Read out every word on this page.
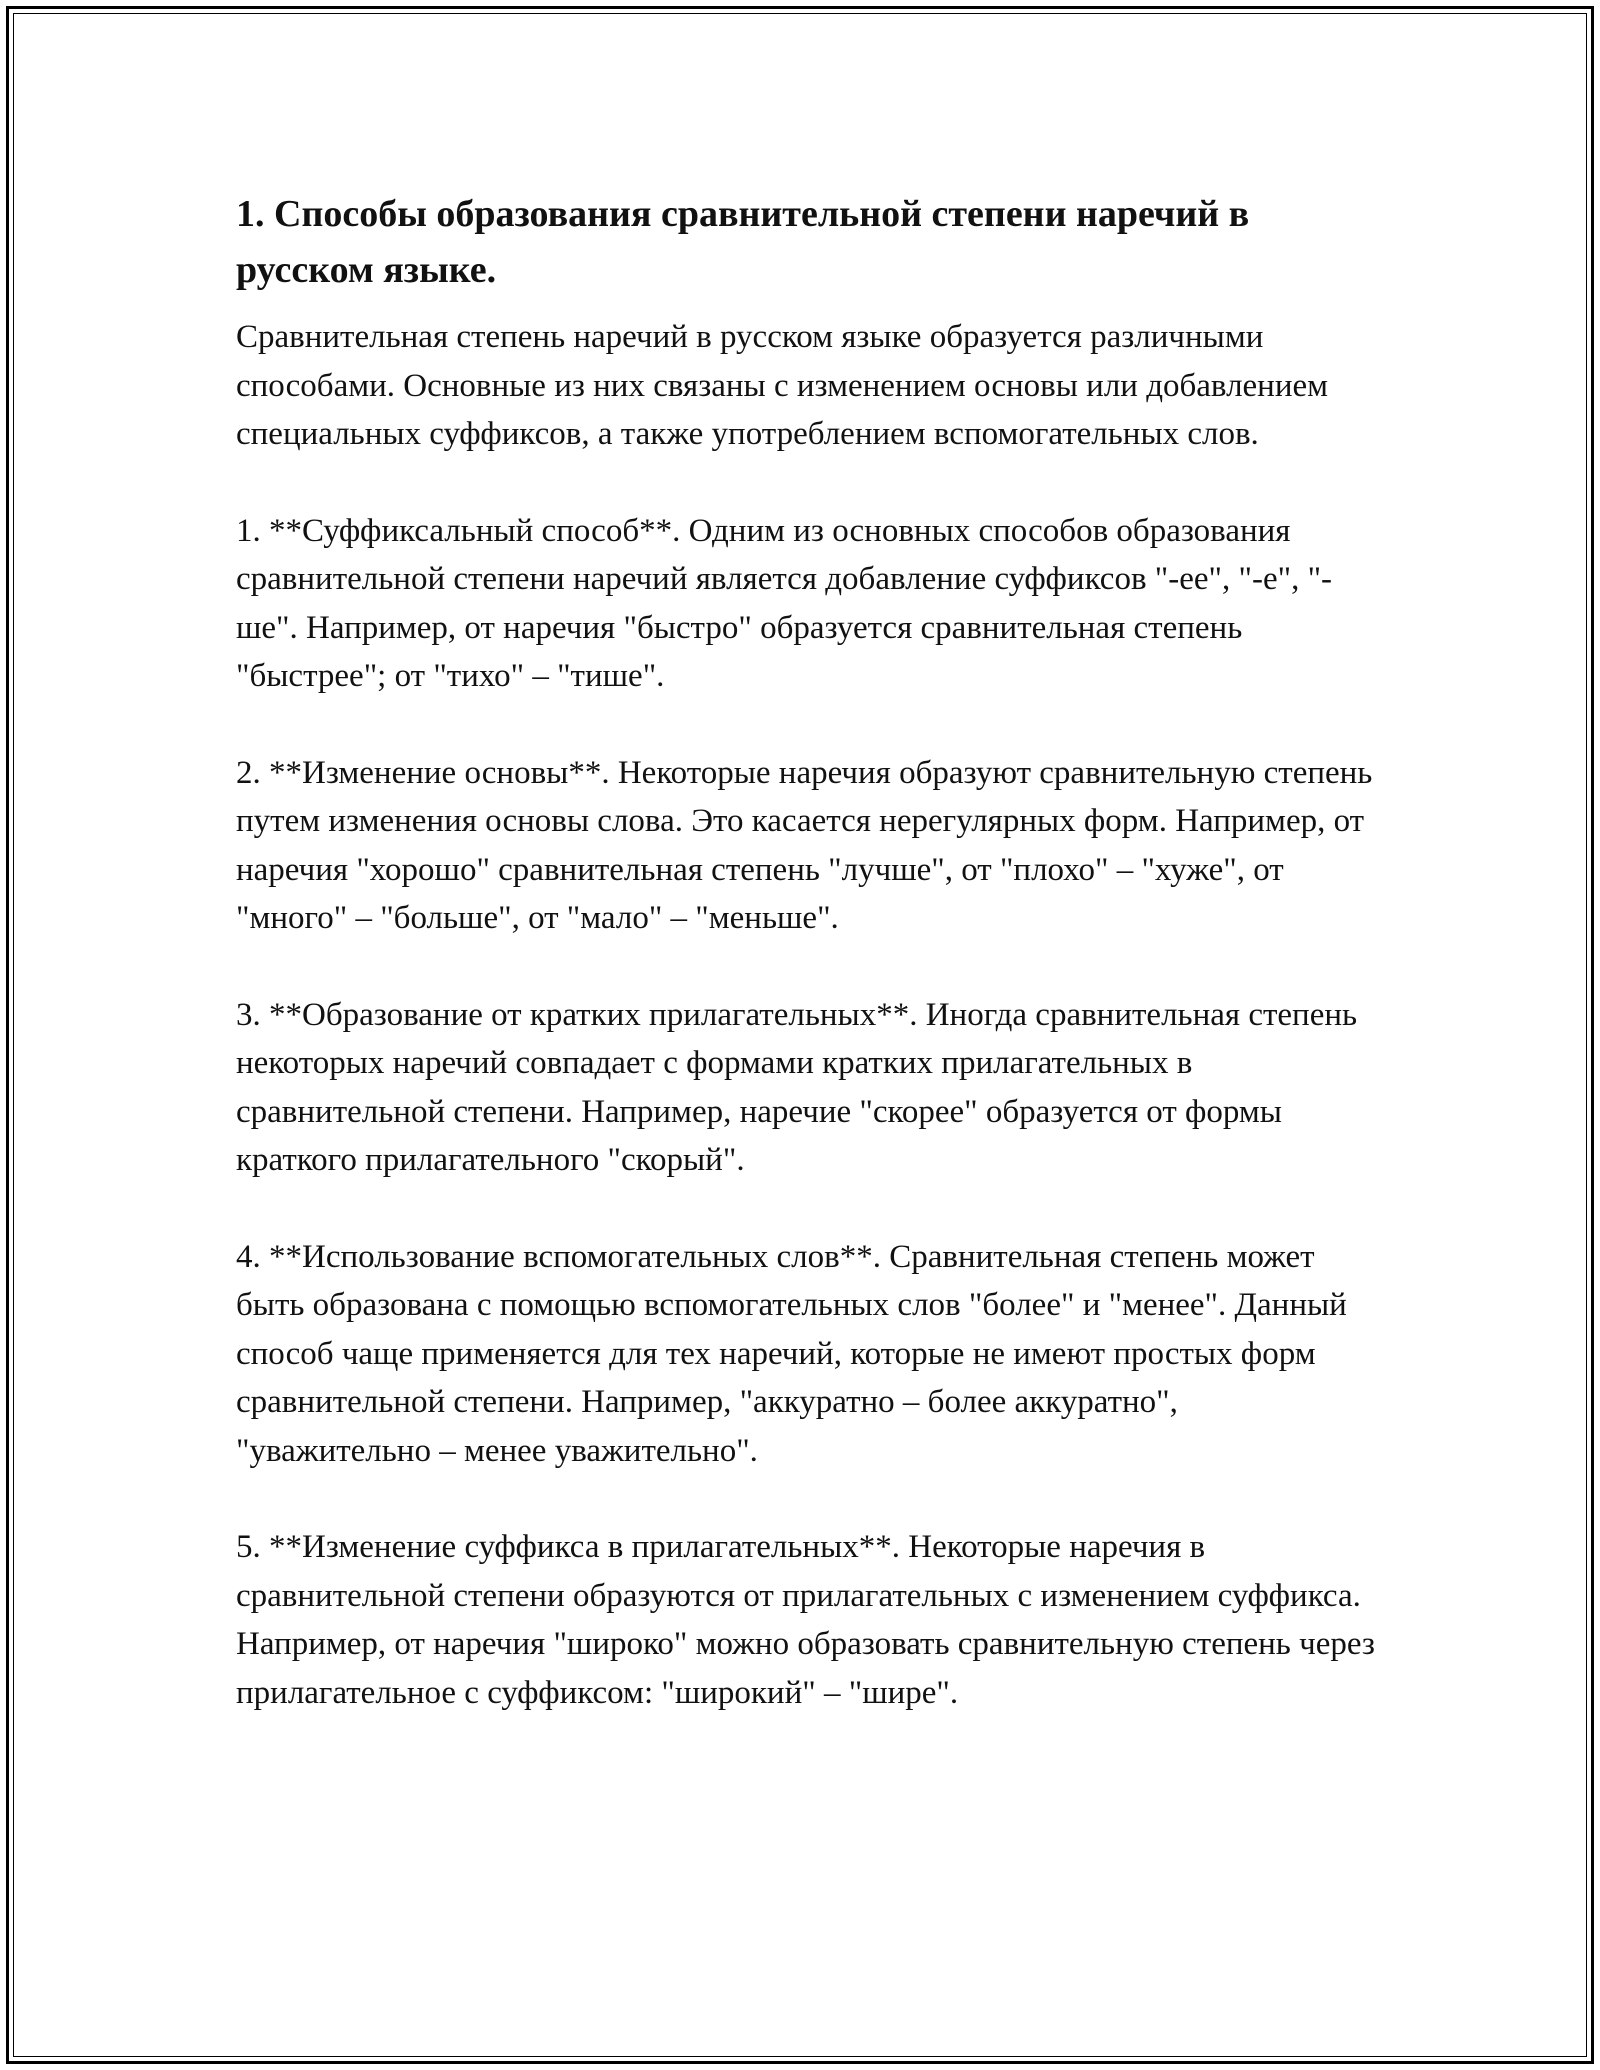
1. Способы образования сравнительной степени наречий в русском языке.

Сравнительная степень наречий в русском языке образуется различными способами. Основные из них связаны с изменением основы или добавлением специальных суффиксов, а также употреблением вспомогательных слов.

1. **Суффиксальный способ**. Одним из основных способов образования сравнительной степени наречий является добавление суффиксов "-ее", "-е", "-ше". Например, от наречия "быстро" образуется сравнительная степень "быстрее"; от "тихо" – "тише".

2. **Изменение основы**. Некоторые наречия образуют сравнительную степень путем изменения основы слова. Это касается нерегулярных форм. Например, от наречия "хорошо" сравнительная степень "лучше", от "плохо" – "хуже", от "много" – "больше", от "мало" – "меньше".

3. **Образование от кратких прилагательных**. Иногда сравнительная степень некоторых наречий совпадает с формами кратких прилагательных в сравнительной степени. Например, наречие "скорее" образуется от формы краткого прилагательного "скорый".

4. **Использование вспомогательных слов**. Сравнительная степень может быть образована с помощью вспомогательных слов "более" и "менее". Данный способ чаще применяется для тех наречий, которые не имеют простых форм сравнительной степени. Например, "аккуратно – более аккуратно", "уважительно – менее уважительно".

5. **Изменение суффикса в прилагательных**. Некоторые наречия в сравнительной степени образуются от прилагательных с изменением суффикса. Например, от наречия "широко" можно образовать сравнительную степень через прилагательное с суффиксом: "широкий" – "шире".
